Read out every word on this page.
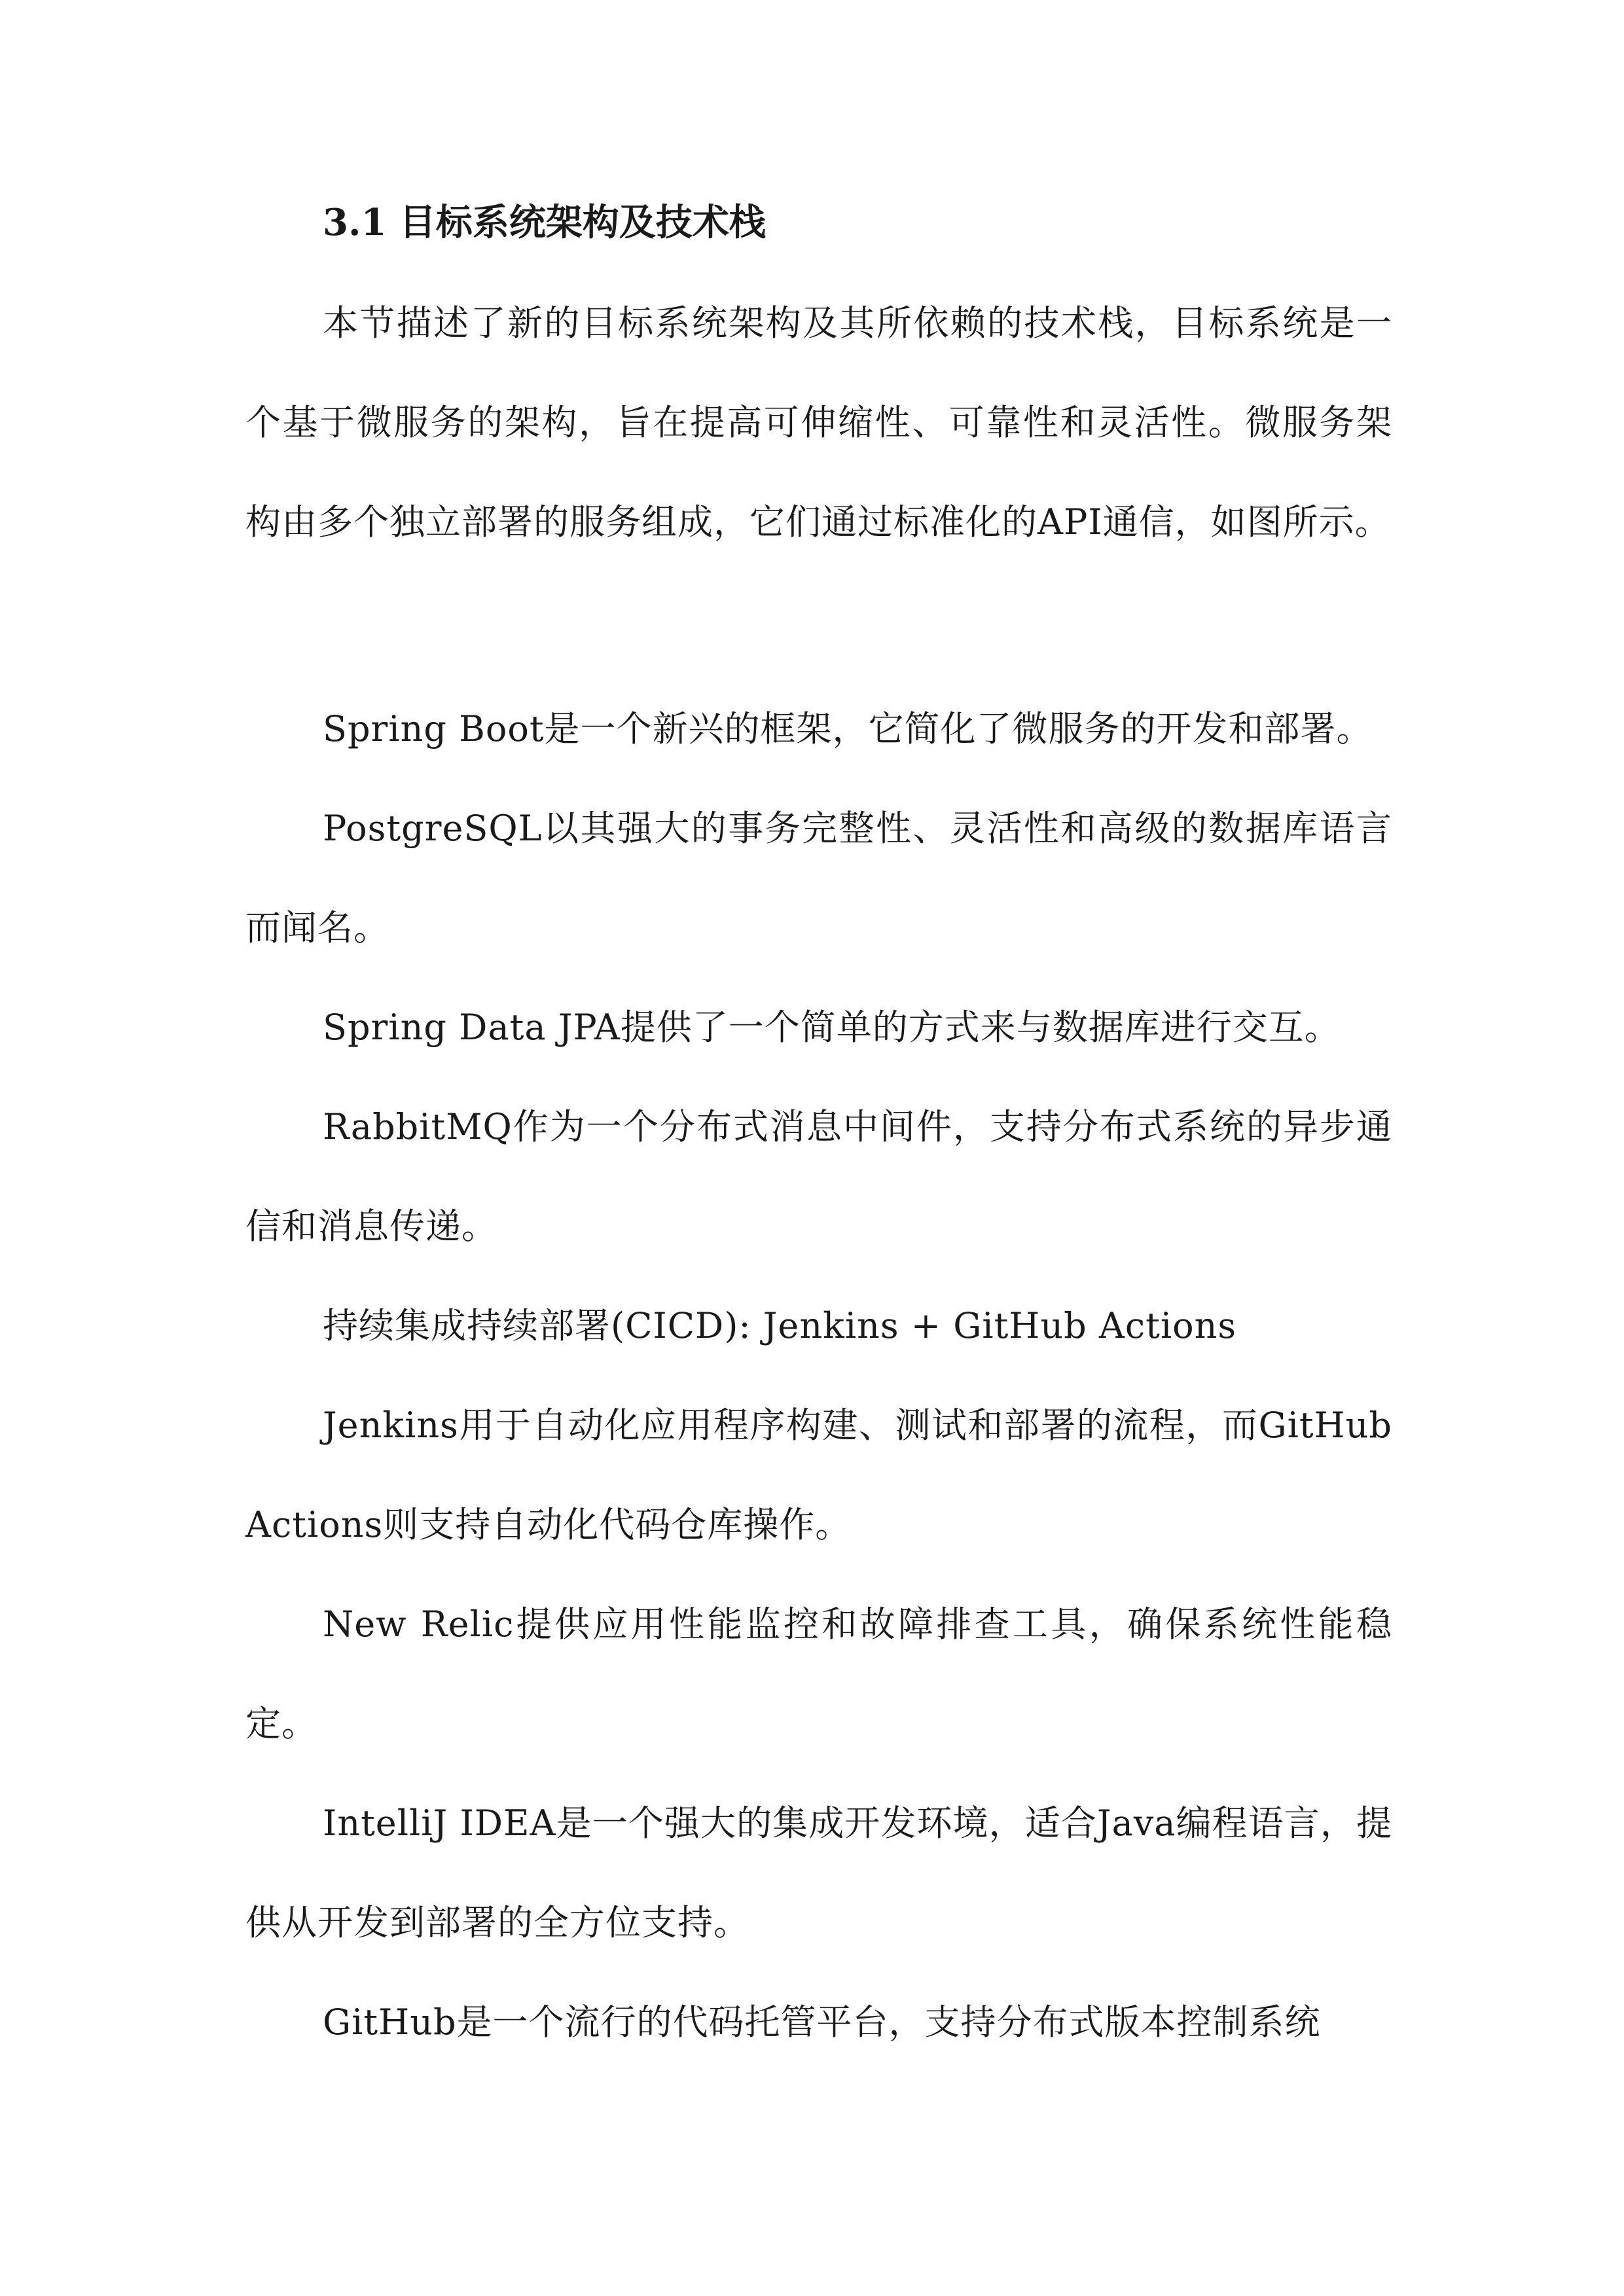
3.1 目标系统架构及技术栈

本节描述了新的目标系统架构及其所依赖的技术栈，目标系统是一个基于微服务的架构，旨在提高可伸缩性、可靠性和灵活性。微服务架构由多个独立部署的服务组成，它们通过标准化的API通信，如图所示。

Spring Boot是一个新兴的框架，它简化了微服务的开发和部署。

PostgreSQL以其强大的事务完整性、灵活性和高级的数据库语言而闻名。

Spring Data JPA提供了一个简单的方式来与数据库进行交互。

RabbitMQ作为一个分布式消息中间件，支持分布式系统的异步通信和消息传递。

持续集成持续部署(CICD): Jenkins + GitHub Actions

Jenkins用于自动化应用程序构建、测试和部署的流程，而GitHub Actions则支持自动化代码仓库操作。

New Relic提供应用性能监控和故障排查工具，确保系统性能稳定。

IntelliJ IDEA是一个强大的集成开发环境，适合Java编程语言，提供从开发到部署的全方位支持。

GitHub是一个流行的代码托管平台，支持分布式版本控制系统
